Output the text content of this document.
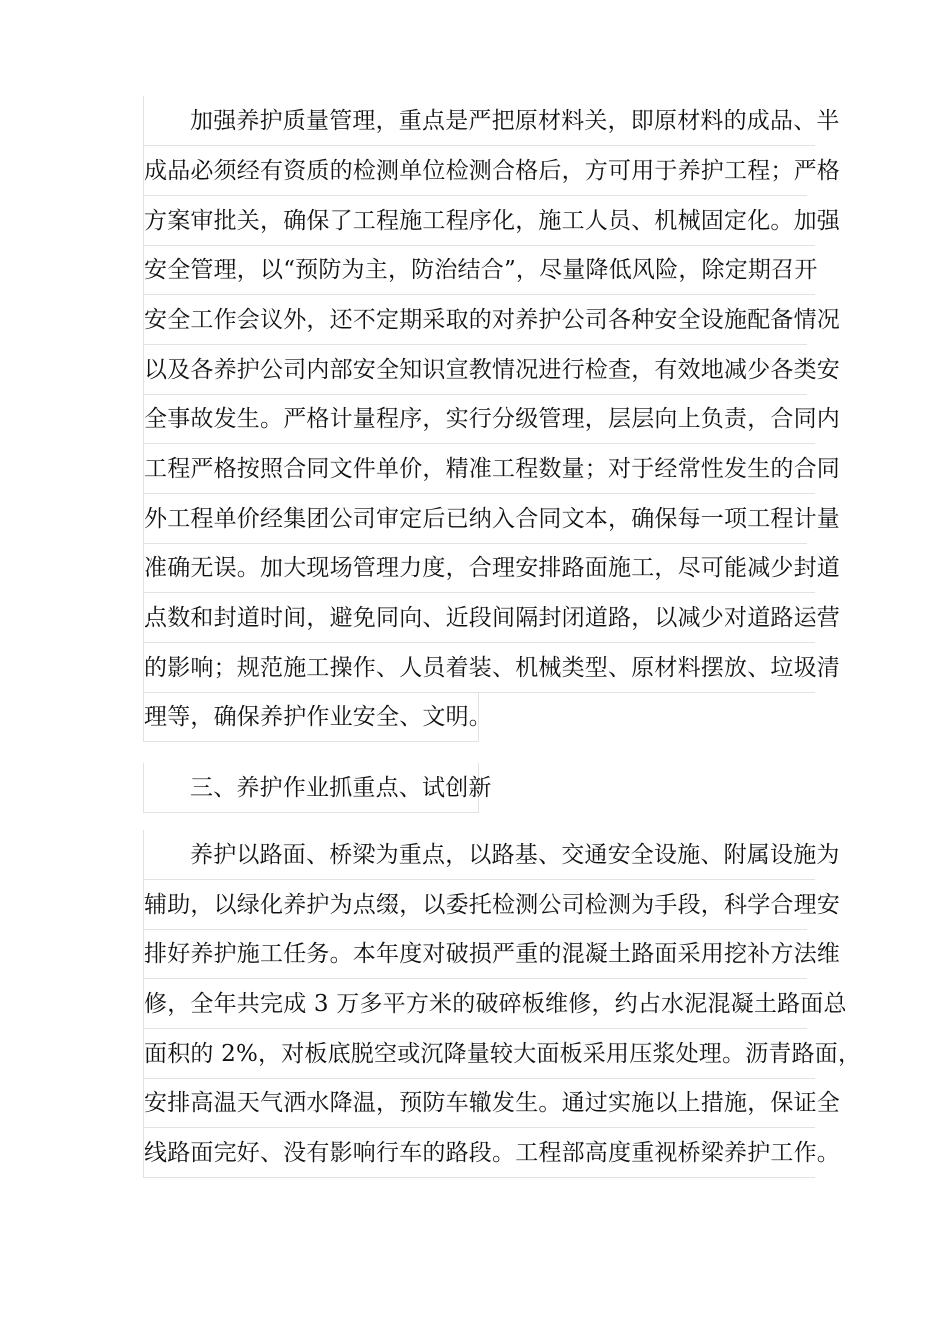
加强养护质量管理，重点是严把原材料关，即原材料的成品、半
成品必须经有资质的检测单位检测合格后，方可用于养护工程；严格
方案审批关，确保了工程施工程序化，施工人员、机械固定化。加强
安全管理，以“预防为主，防治结合”，尽量降低风险，除定期召开
安全工作会议外，还不定期采取的对养护公司各种安全设施配备情况
以及各养护公司内部安全知识宣教情况进行检查，有效地减少各类安
全事故发生。严格计量程序，实行分级管理，层层向上负责，合同内
工程严格按照合同文件单价，精准工程数量；对于经常性发生的合同
外工程单价经集团公司审定后已纳入合同文本，确保每一项工程计量
准确无误。加大现场管理力度，合理安排路面施工，尽可能减少封道
点数和封道时间，避免同向、近段间隔封闭道路，以减少对道路运营
的影响；规范施工操作、人员着装、机械类型、原材料摆放、垃圾清
理等，确保养护作业安全、文明。
三、养护作业抓重点、试创新
养护以路面、桥梁为重点，以路基、交通安全设施、附属设施为
辅助，以绿化养护为点缀，以委托检测公司检测为手段，科学合理安
排好养护施工任务。本年度对破损严重的混凝土路面采用挖补方法维
修，全年共完成 3 万多平方米的破碎板维修，约占水泥混凝土路面总
面积的 2%，对板底脱空或沉降量较大面板采用压浆处理。沥青路面，
安排高温天气洒水降温，预防车辙发生。通过实施以上措施，保证全
线路面完好、没有影响行车的路段。工程部高度重视桥梁养护工作。
